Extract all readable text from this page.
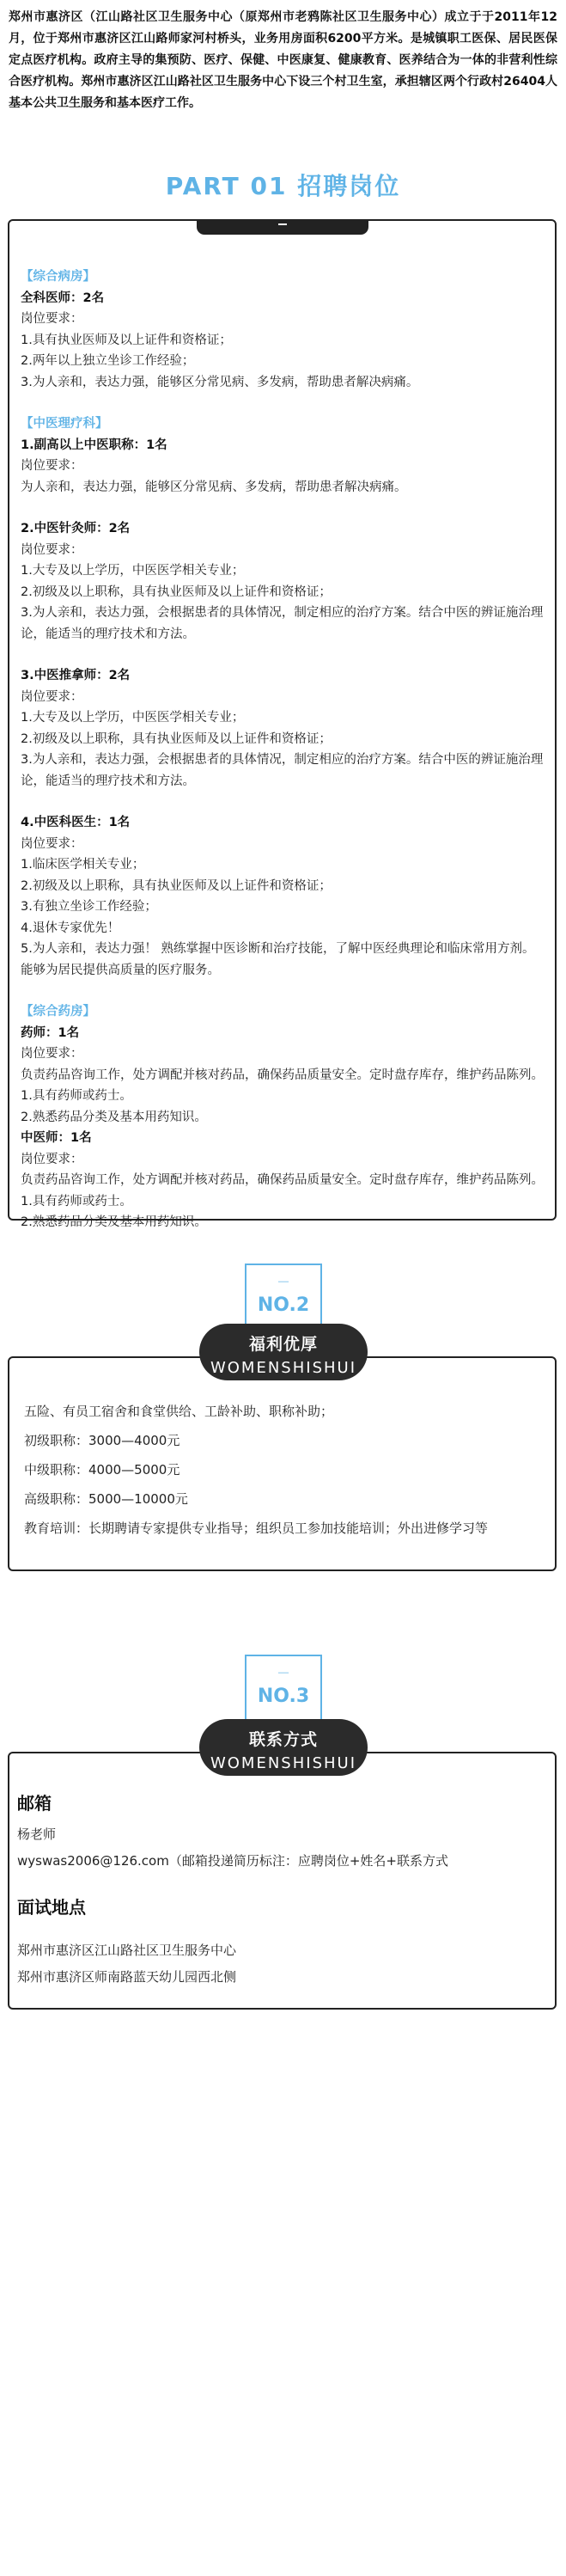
郑州市惠济区（江山路社区卫生服务中心（原郑州市老鸦陈社区卫生服务中心）成立于于2011年12月，位于郑州市惠济区江山路师家河村桥头，业务用房面积6200平方米。是城镇职工医保、居民医保定点医疗机构。政府主导的集预防、医疗、保健、中医康复、健康教育、医养结合为一体的非营利性综合医疗机构。郑州市惠济区江山路社区卫生服务中心下设三个村卫生室，承担辖区两个行政村26404人基本公共卫生服务和基本医疗工作。
PART 01 招聘岗位

【综合病房】

全科医师：2名

岗位要求：

1.具有执业医师及以上证件和资格证；

2.两年以上独立坐诊工作经验；

3.为人亲和，表达力强，能够区分常见病、多发病，帮助患者解决病痛。

【中医理疗科】

1.副高以上中医职称：1名

岗位要求：

为人亲和，表达力强，能够区分常见病、多发病，帮助患者解决病痛。

2.中医针灸师：2名

岗位要求：

1.大专及以上学历，中医医学相关专业；

2.初级及以上职称，具有执业医师及以上证件和资格证；

3.为人亲和，表达力强，会根据患者的具体情况，制定相应的治疗方案。结合中医的辨证施治理论，能适当的理疗技术和方法。

3.中医推拿师：2名

岗位要求：

1.大专及以上学历，中医医学相关专业；

2.初级及以上职称，具有执业医师及以上证件和资格证；

3.为人亲和，表达力强，会根据患者的具体情况，制定相应的治疗方案。结合中医的辨证施治理论，能适当的理疗技术和方法。

4.中医科医生：1名

岗位要求：

1.临床医学相关专业；

2.初级及以上职称，具有执业医师及以上证件和资格证；

3.有独立坐诊工作经验；

4.退休专家优先！

5.为人亲和，表达力强！ 熟练掌握中医诊断和治疗技能，了解中医经典理论和临床常用方剂。能够为居民提供高质量的医疗服务。

【综合药房】

药师：1名

岗位要求：

负责药品咨询工作，处方调配并核对药品，确保药品质量安全。定时盘存库存，维护药品陈列。

1.具有药师或药士。

2.熟悉药品分类及基本用药知识。

中医师：1名

岗位要求：

负责药品咨询工作，处方调配并核对药品，确保药品质量安全。定时盘存库存，维护药品陈列。

1.具有药师或药士。

2.熟悉药品分类及基本用药知识。

－
NO.2
福利优厚
WOMENSHISHUI

五险、有员工宿舍和食堂供给、工龄补助、职称补助；

初级职称：3000—4000元

中级职称：4000—5000元

高级职称：5000—10000元

教育培训：长期聘请专家提供专业指导；组织员工参加技能培训；外出进修学习等

－
NO.3
联系方式
WOMENSHISHUI
邮箱
杨老师
wyswas2006@126.com（邮箱投递简历标注：应聘岗位+姓名+联系方式
面试地点
郑州市惠济区江山路社区卫生服务中心
郑州市惠济区师南路蓝天幼儿园西北侧
